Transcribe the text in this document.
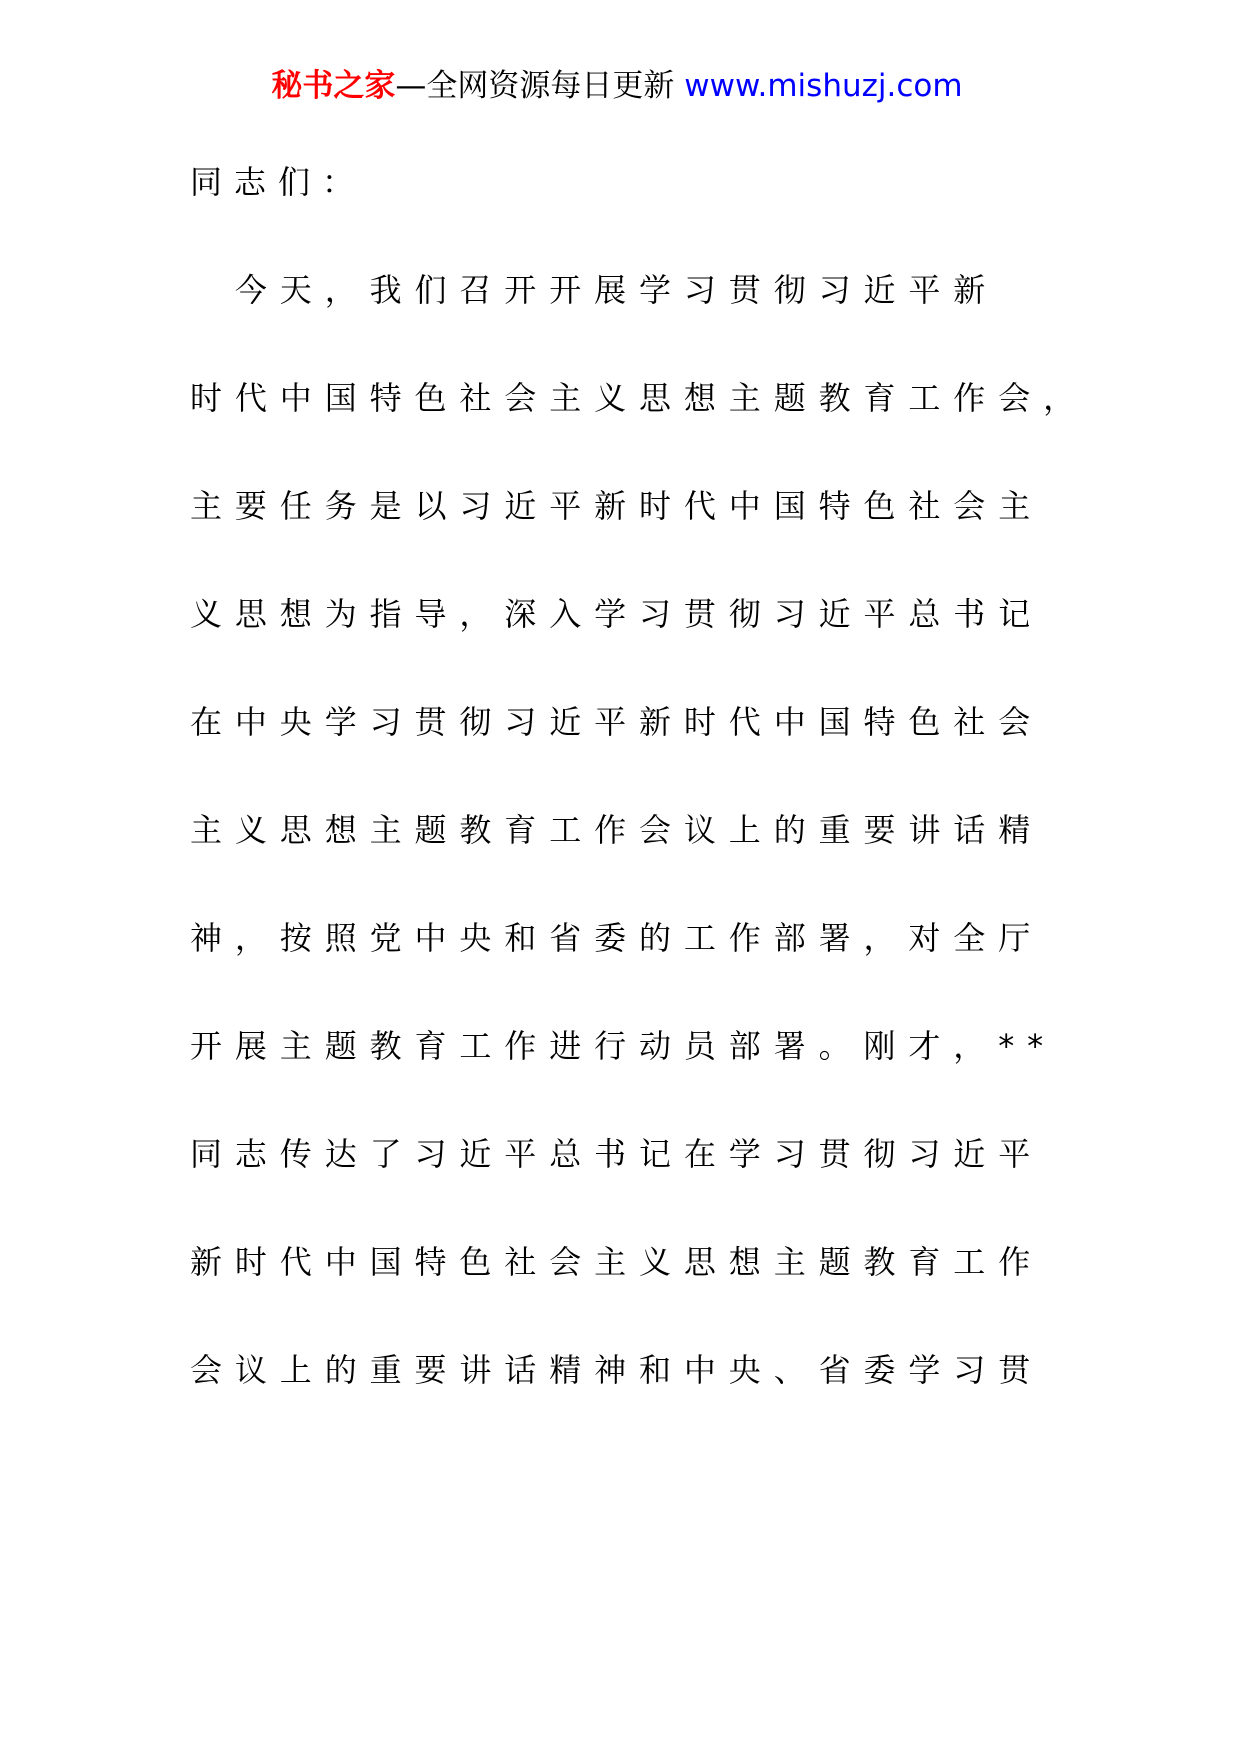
秘书之家—全网资源每日更新 www.mishuzj.com
同志们：
　今天，我们召开开展学习贯彻习近平新
时代中国特色社会主义思想主题教育工作会，
主要任务是以习近平新时代中国特色社会主
义思想为指导，深入学习贯彻习近平总书记
在中央学习贯彻习近平新时代中国特色社会
主义思想主题教育工作会议上的重要讲话精
神，按照党中央和省委的工作部署，对全厅
开展主题教育工作进行动员部署。刚才，**
同志传达了习近平总书记在学习贯彻习近平
新时代中国特色社会主义思想主题教育工作
会议上的重要讲话精神和中央、省委学习贯
